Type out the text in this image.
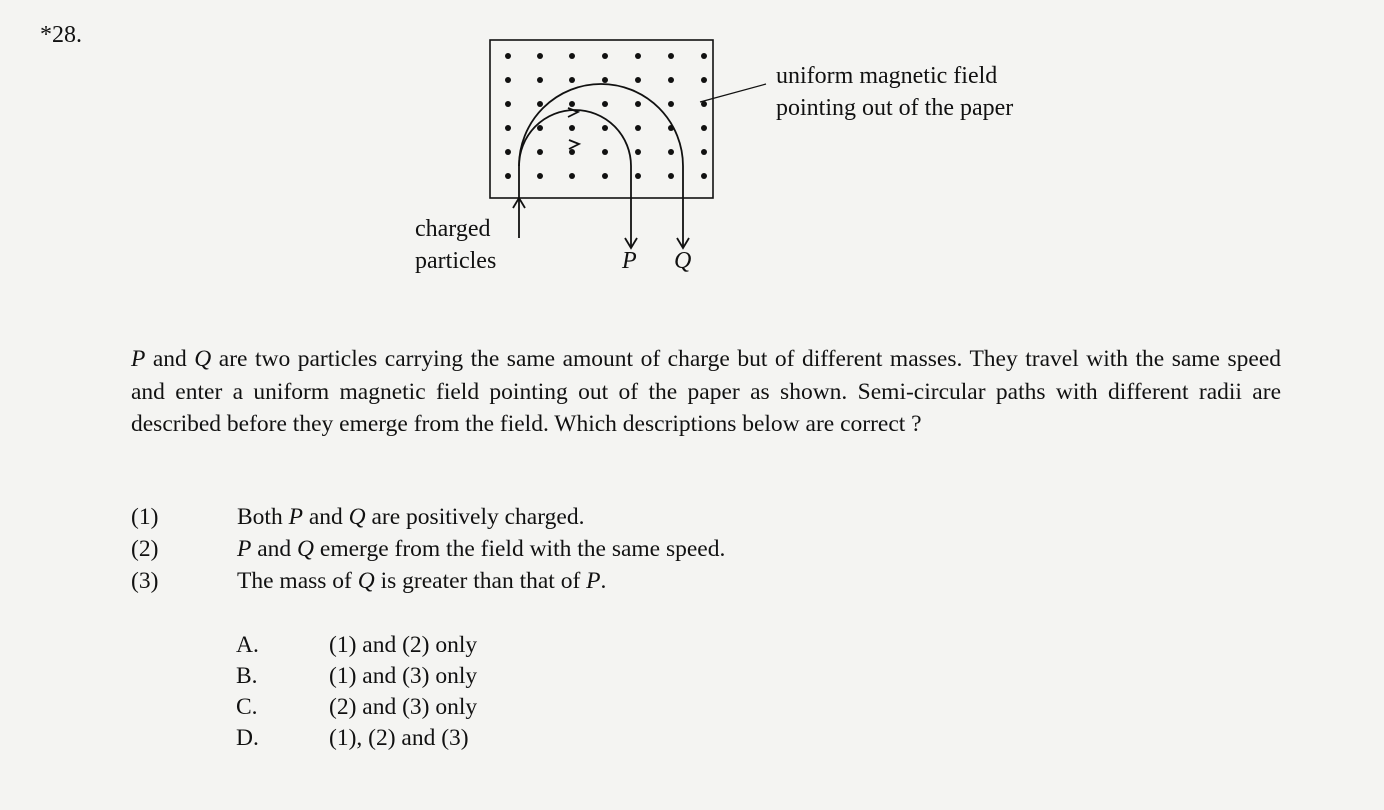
*28.
uniform magnetic field
pointing out of the paper
charged
particles	P Q
P and Q are two particles carrying the same amount of charge but of different masses. They travel with the same speed and enter a uniform magnetic field pointing out of the paper as shown. Semi-circular paths with different radii are described before they emerge from the field. Which descriptions below are correct ?
(1)	Both P and Q are positively charged.
(2)	P and Q emerge from the field with the same speed.
(3)	The mass of Q is greater than that of P.
A.	(1) and (2) only
B.	(1) and (3) only
C.	(2) and (3) only
D.	(1), (2) and (3)
